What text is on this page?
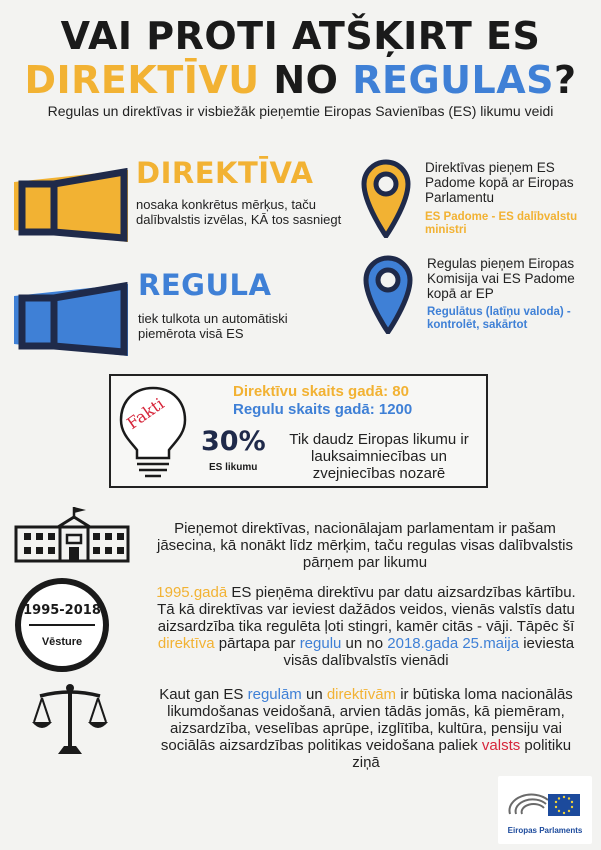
VAI PROTI ATŠĶIRT ES
DIREKTĪVU NO REGULAS?
Regulas un direktīvas ir visbiežāk pieņemtie Eiropas Savienības (ES) likumu veidi
DIREKTĪVA
nosaka konkrētus mērķus, taču dalībvalstis izvēlas, KĀ tos sasniegt
REGULA
tiek tulkota un automātiski piemērota visā ES
Direktīvas pieņem ES Padome kopā ar Eiropas Parlamentu
ES Padome - ES dalībvalstu ministri
Regulas pieņem Eiropas Komisija vai ES Padome kopā ar EP
Regulātus (latīņu valoda) - kontrolēt, sakārtot
Fakti
Direktīvu skaits gadā: 80
Regulu skaits gadā: 1200
30%
ES likumu
Tik daudz Eiropas likumu ir lauksaimniecības un zvejniecības nozarē
Pieņemot direktīvas, nacionālajam parlamentam ir pašam jāsecina, kā nonākt līdz mērķim, taču regulas visas dalībvalstis pārņem par likumu
1995-2018
Vēsture
1995.gadā ES pieņēma direktīvu par datu aizsardzības kārtību. Tā kā direktīvas var ieviest dažādos veidos, vienās valstīs datu aizsardzība tika regulēta ļoti stingri, kamēr citās - vāji. Tāpēc šī direktīva pārtapa par regulu un no 2018.gada 25.maija ieviesta visās dalībvalstīs vienādi
Kaut gan ES regulām un direktīvām ir būtiska loma nacionālās likumdošanas veidošanā, arvien tādās jomās, kā piemēram, aizsardzība, veselības aprūpe, izglītība, kultūra, pensiju vai sociālās aizsardzības politikas veidošana paliek valsts politiku ziņā
Eiropas Parlaments
